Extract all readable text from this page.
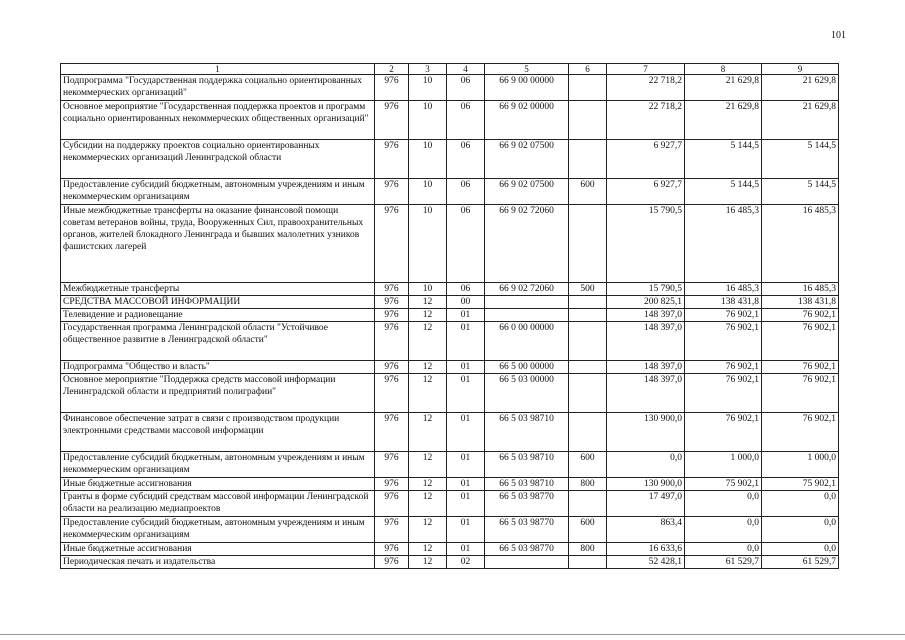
101
1	2	3	4	5	6	7	8	9
Подпрограмма "Государственная поддержка социально ориентированных некоммерческих организаций"	976	10	06	66 9 00 00000		22 718,2	21 629,8	21 629,8
Основное мероприятие "Государственная поддержка проектов и программ социально ориентированных некоммерческих общественных организаций"	976	10	06	66 9 02 00000		22 718,2	21 629,8	21 629,8
Субсидии на поддержку проектов социально ориентированных некоммерческих организаций Ленинградской области	976	10	06	66 9 02 07500		6 927,7	5 144,5	5 144,5
Предоставление субсидий бюджетным, автономным учреждениям и иным некоммерческим организациям	976	10	06	66 9 02 07500	600	6 927,7	5 144,5	5 144,5
Иные межбюджетные трансферты на оказание финансовой помощи советам ветеранов войны, труда, Вооруженных Сил, правоохранительных органов, жителей блокадного Ленинграда и бывших малолетних узников фашистских лагерей	976	10	06	66 9 02 72060		15 790,5	16 485,3	16 485,3
Межбюджетные трансферты	976	10	06	66 9 02 72060	500	15 790,5	16 485,3	16 485,3
СРЕДСТВА МАССОВОЙ ИНФОРМАЦИИ	976	12	00			200 825,1	138 431,8	138 431,8
Телевидение и радиовещание	976	12	01			148 397,0	76 902,1	76 902,1
Государственная программа Ленинградской области "Устойчивое общественное развитие в Ленинградской области"	976	12	01	66 0 00 00000		148 397,0	76 902,1	76 902,1
Подпрограмма "Общество и власть"	976	12	01	66 5 00 00000		148 397,0	76 902,1	76 902,1
Основное мероприятие "Поддержка средств массовой информации Ленинградской области и предприятий полиграфии"	976	12	01	66 5 03 00000		148 397,0	76 902,1	76 902,1
Финансовое обеспечение затрат в связи с производством продукции электронными средствами массовой информации	976	12	01	66 5 03 98710		130 900,0	76 902,1	76 902,1
Предоставление субсидий бюджетным, автономным учреждениям и иным некоммерческим организациям	976	12	01	66 5 03 98710	600	0,0	1 000,0	1 000,0
Иные бюджетные ассигнования	976	12	01	66 5 03 98710	800	130 900,0	75 902,1	75 902,1
Гранты в форме субсидий средствам массовой информации Ленинградской области на реализацию медиапроектов	976	12	01	66 5 03 98770		17 497,0	0,0	0,0
Предоставление субсидий бюджетным, автономным учреждениям и иным некоммерческим организациям	976	12	01	66 5 03 98770	600	863,4	0,0	0,0
Иные бюджетные ассигнования	976	12	01	66 5 03 98770	800	16 633,6	0,0	0,0
Периодическая печать и издательства	976	12	02			52 428,1	61 529,7	61 529,7
